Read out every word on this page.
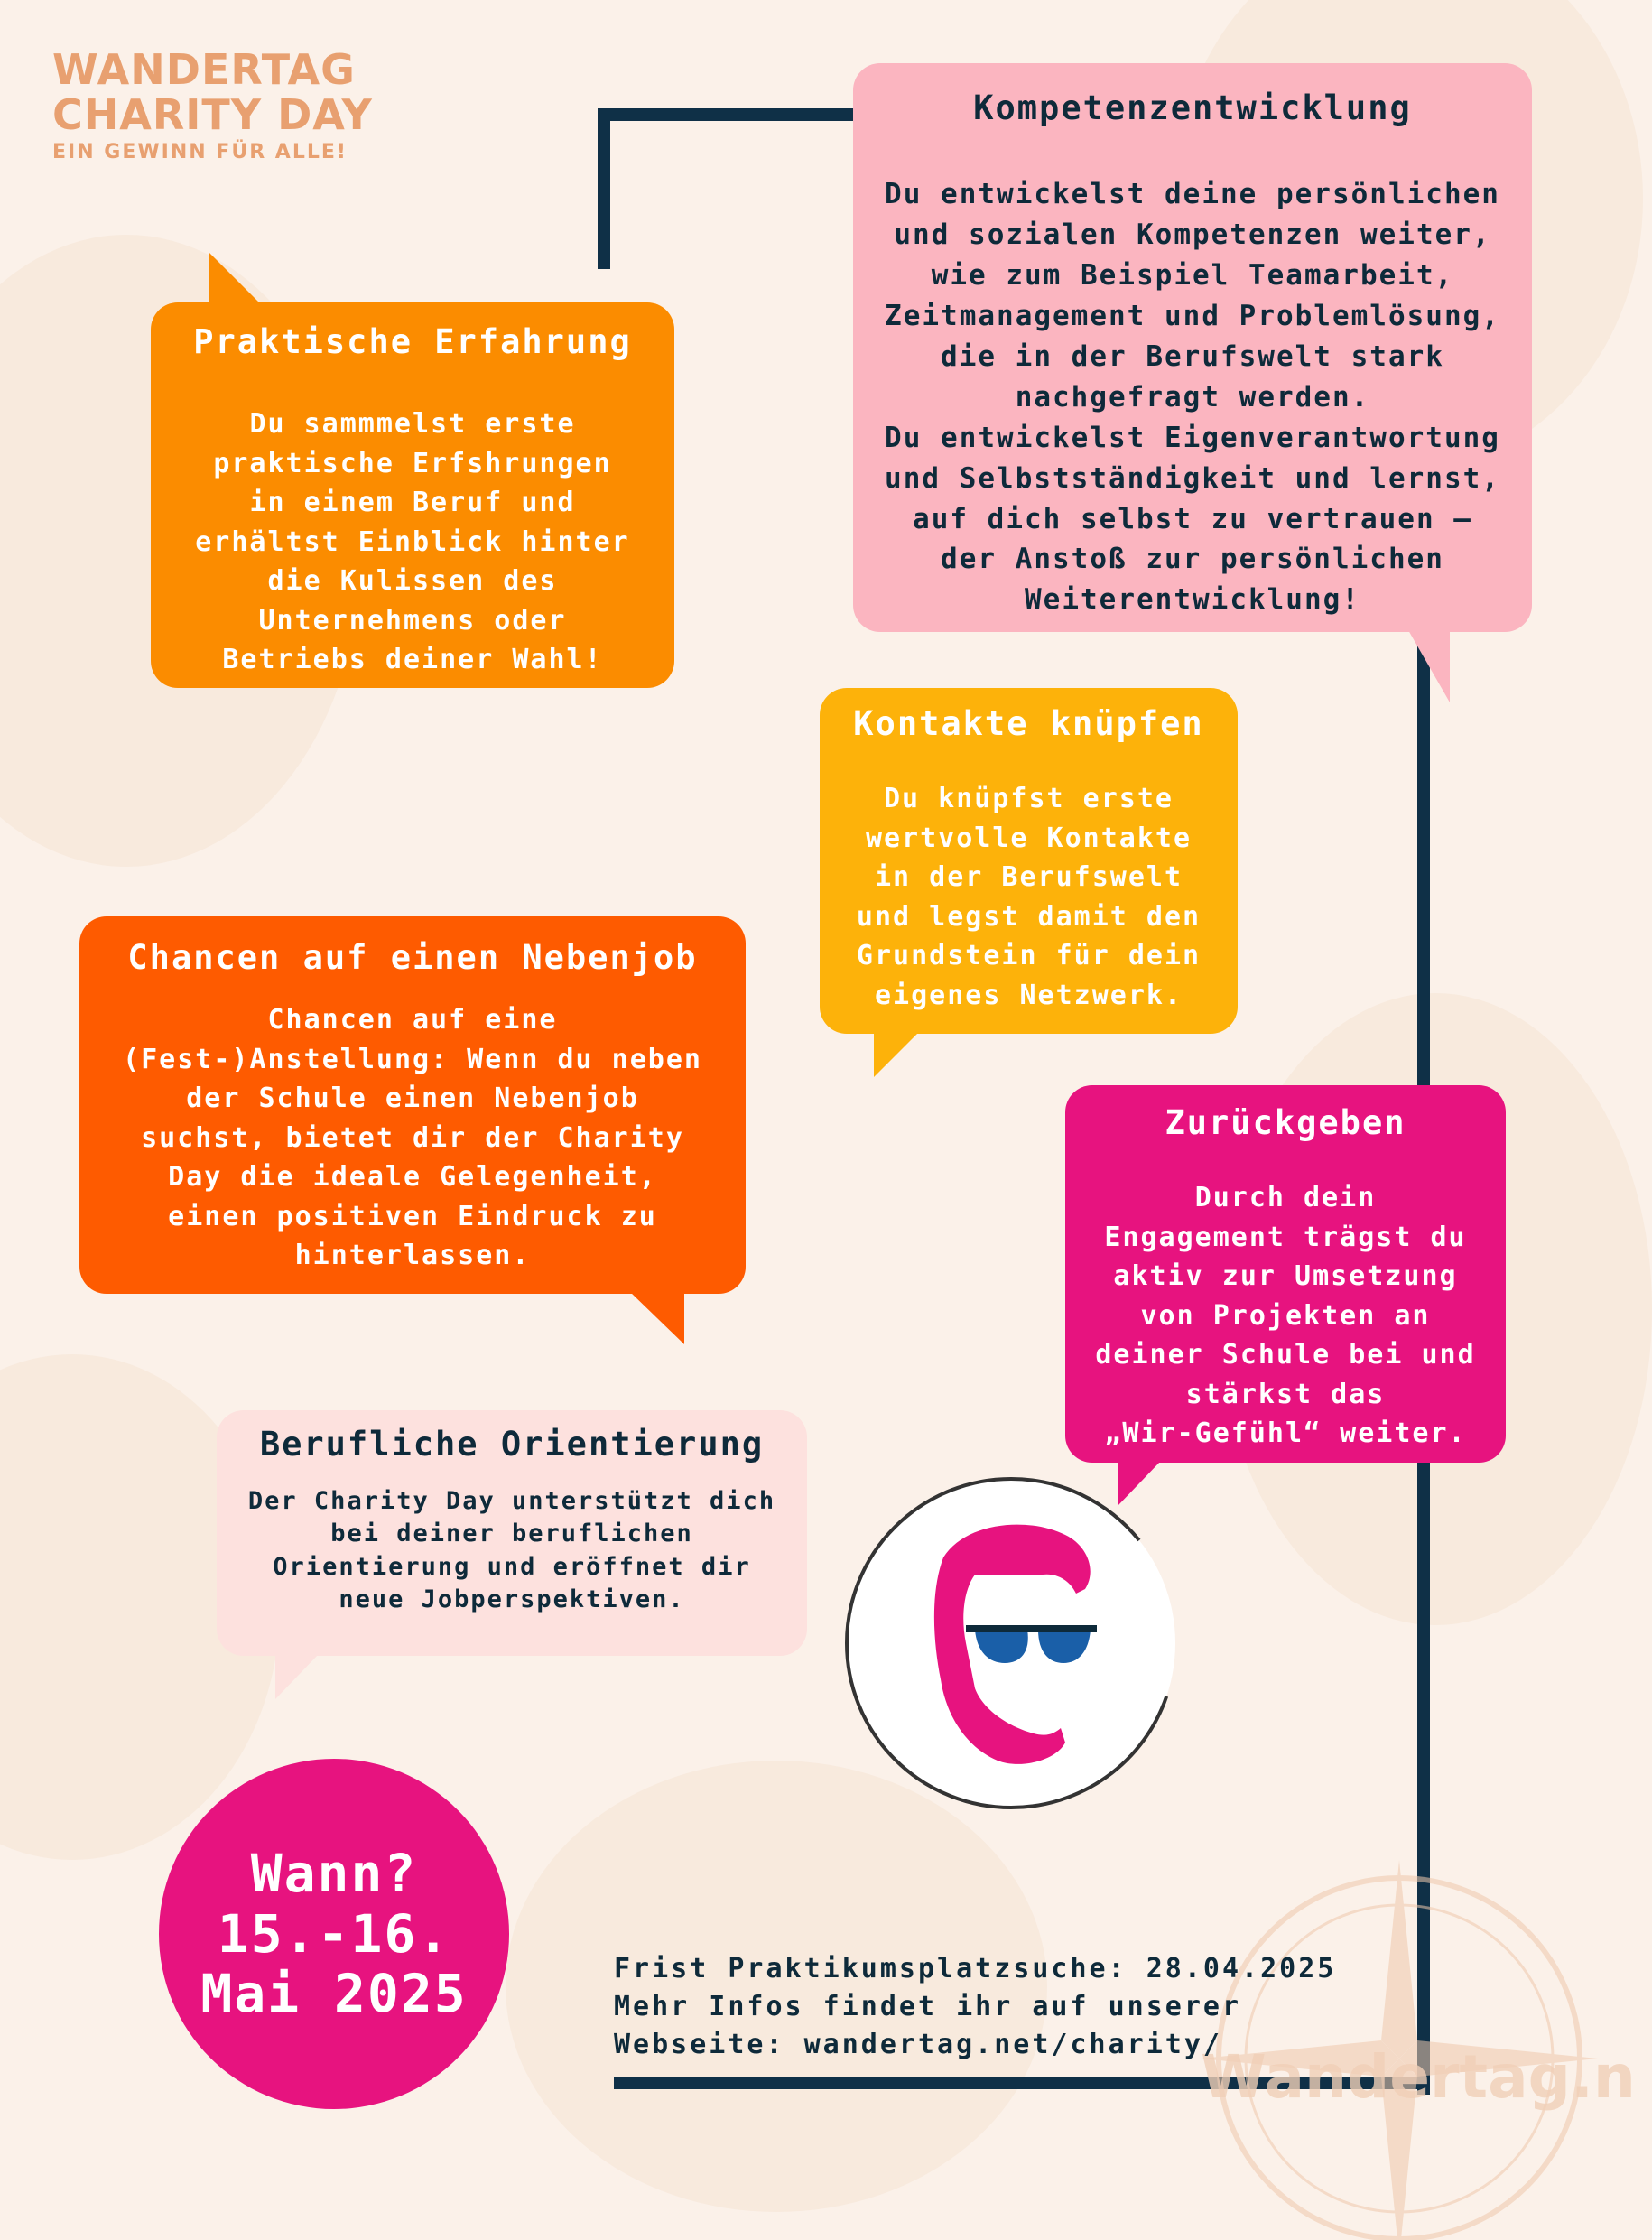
WANDERTAG
CHARITY DAY
EIN GEWINN FÜR ALLE!
Kompetenzentwicklung

Du entwickelst deine persönlichen
und sozialen Kompetenzen weiter,
wie zum Beispiel Teamarbeit,
Zeitmanagement und Problemlösung,
die in der Berufswelt stark
nachgefragt werden.
Du entwickelst Eigenverantwortung
und Selbstständigkeit und lernst,
auf dich selbst zu vertrauen –
der Anstoß zur persönlichen
Weiterentwicklung!

Praktische Erfahrung

Du sammmelst erste
praktische Erfshrungen
in einem Beruf und
erhältst Einblick hinter
die Kulissen des
Unternehmens oder
Betriebs deiner Wahl!

Kontakte knüpfen

Du knüpfst erste
wertvolle Kontakte
in der Berufswelt
und legst damit den
Grundstein für dein
eigenes Netzwerk.

Chancen auf einen Nebenjob

Chancen auf eine
(Fest-)Anstellung: Wenn du neben
der Schule einen Nebenjob
suchst, bietet dir der Charity
Day die ideale Gelegenheit,
einen positiven Eindruck zu
hinterlassen.

Zurückgeben

Durch dein
Engagement trägst du
aktiv zur Umsetzung
von Projekten an
deiner Schule bei und
stärkst das
„Wir-Gefühl“ weiter.

Berufliche Orientierung

Der Charity Day unterstützt dich
bei deiner beruflichen
Orientierung und eröffnet dir
neue Jobperspektiven.

Wandertag.n
Wann?
15.-16.
Mai 2025	Frist Praktikumsplatzsuche: 28.04.2025
Mehr Infos findet ihr auf unserer
Webseite: wandertag.net/charity/
